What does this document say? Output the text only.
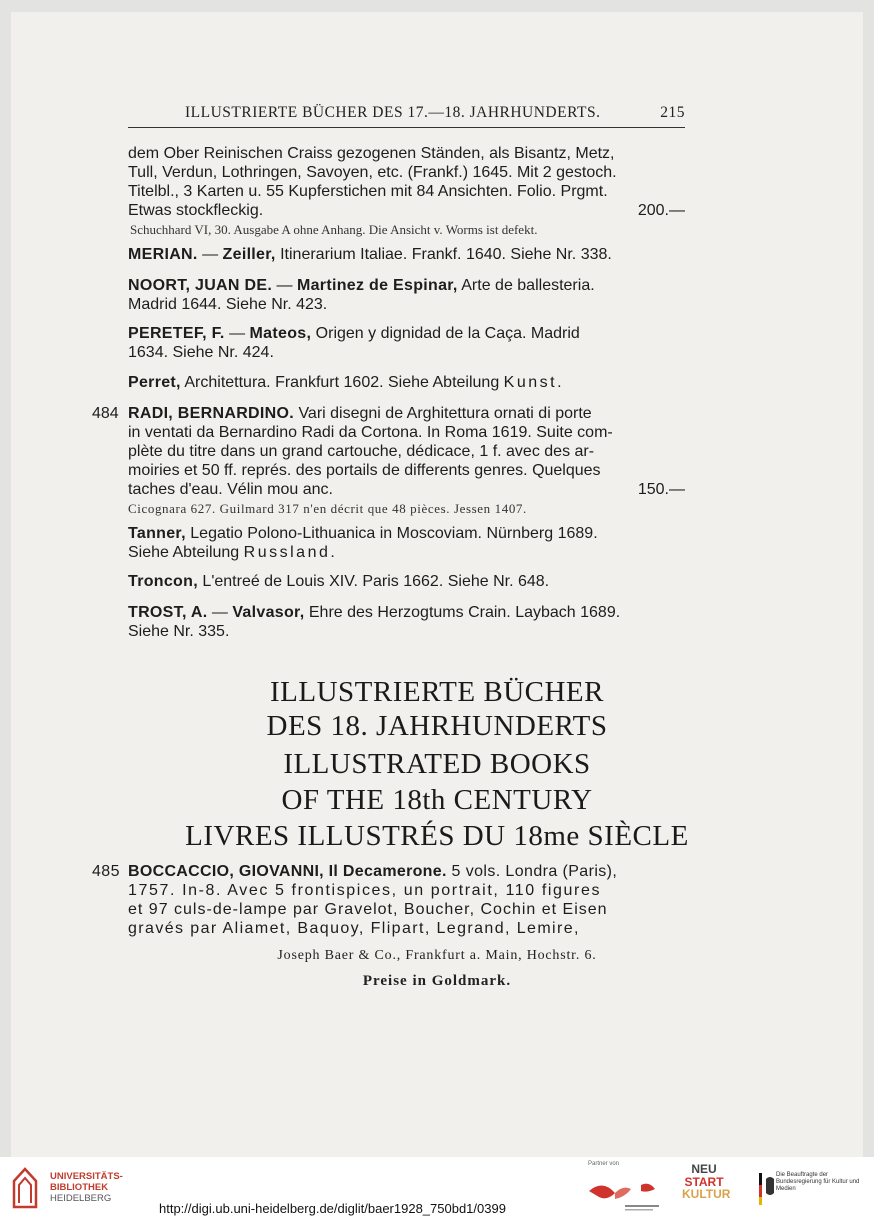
ILLUSTRIERTE BÜCHER DES 17.—18. JAHRHUNDERTS.	215
dem Ober Reinischen Craiss gezogenen Ständen, als Bisantz, Metz,
Tull, Verdun, Lothringen, Savoyen, etc. (Frankf.) 1645. Mit 2 gestoch.
Titelbl., 3 Karten u. 55 Kupferstichen mit 84 Ansichten. Folio. Prgmt.
Etwas stockfleckig.	200.—
Schuchhard VI, 30. Ausgabe A ohne Anhang. Die Ansicht v. Worms ist defekt.
MERIAN. — Zeiller, Itinerarium Italiae. Frankf. 1640. Siehe Nr. 338.
NOORT, JUAN DE. — Martinez de Espinar, Arte de ballesteria.
Madrid 1644. Siehe Nr. 423.
PERETEF, F. — Mateos, Origen y dignidad de la Caça. Madrid
1634. Siehe Nr. 424.
Perret, Architettura. Frankfurt 1602. Siehe Abteilung Kunst.
484 RADI, BERNARDINO. Vari disegni de Arghitettura ornati di porte
in ventati da Bernardino Radi da Cortona. In Roma 1619. Suite com-
plète du titre dans un grand cartouche, dédicace, 1 f. avec des ar-
moiries et 50 ff. représ. des portails de differents genres. Quelques
taches d'eau. Vélin mou anc.	150.—
Cicognara 627. Guilmard 317 n'en décrit que 48 pièces. Jessen 1407.
Tanner, Legatio Polono-Lithuanica in Moscoviam. Nürnberg 1689.
Siehe Abteilung Russland.
Troncon, L'entreé de Louis XIV. Paris 1662. Siehe Nr. 648.
TROST, A. — Valvasor, Ehre des Herzogtums Crain. Laybach 1689.
Siehe Nr. 335.
ILLUSTRIERTE BÜCHER
DES 18. JAHRHUNDERTS
ILLUSTRATED BOOKS
OF THE 18th CENTURY
LIVRES ILLUSTRÉS DU 18me SIÈCLE
485 BOCCACCIO, GIOVANNI, Il Decamerone. 5 vols. Londra (Paris),
1757. In-8. Avec 5 frontispices, un portrait, 110 figures
et 97 culs-de-lampe par Gravelot, Boucher, Cochin et Eisen
gravés par Aliamet, Baquoy, Flipart, Legrand, Lemire,
Joseph Baer & Co., Frankfurt a. Main, Hochstr. 6.
Preise in Goldmark.
UNIVERSITÄTS-
BIBLIOTHEK
HEIDELBERG
http://digi.ub.uni-heidelberg.de/diglit/baer1928_750bd1/0399
Partner von	NEU
START
KULTUR
Die Beauftragte der Bundesregierung für Kultur und Medien
